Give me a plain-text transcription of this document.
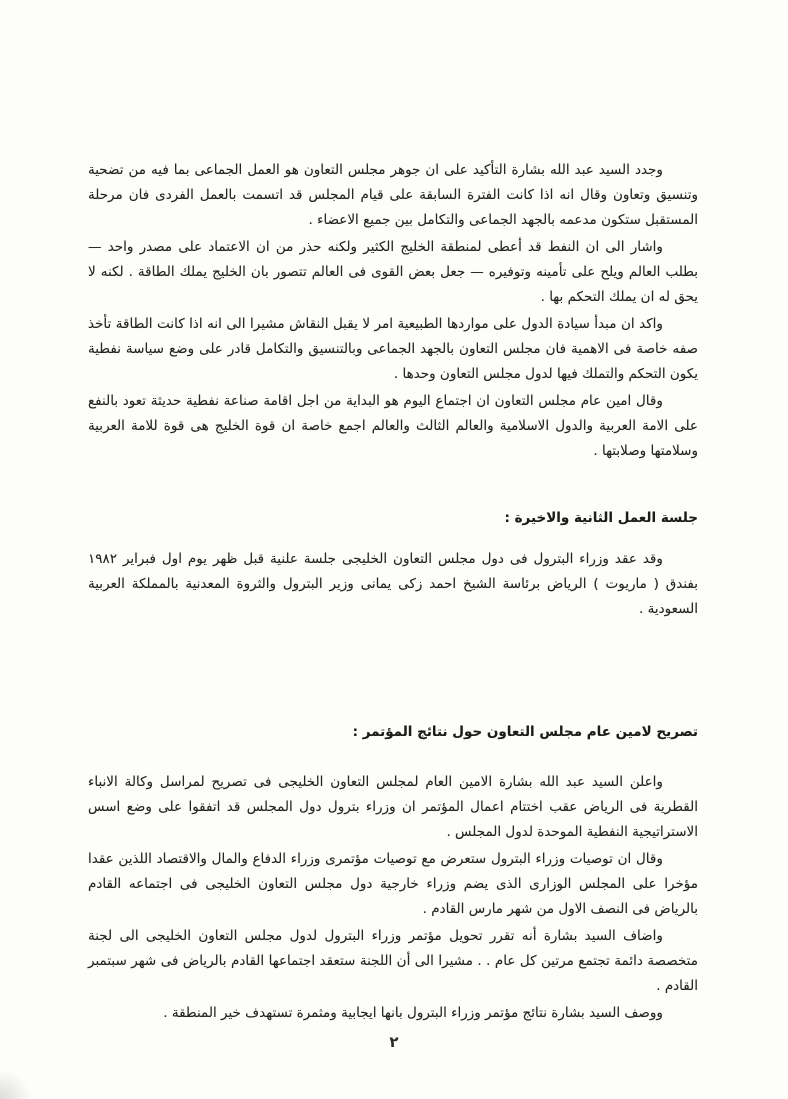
وجدد السيد عبد الله بشارة التأكيد على ان جوهر مجلس التعاون هو العمل الجماعى بما فيه من تضحية وتنسيق وتعاون وقال انه اذا كانت الفترة السابقة على قيام المجلس قد اتسمت بالعمل الفردى فان مرحلة المستقبل ستكون مدعمه بالجهد الجماعى والتكامل بين جميع الاعضاء .

واشار الى ان النفط قد أعطى لمنطقة الخليج الكثير ولكنه حذر من ان الاعتماد على مصدر واحد — بطلب العالم ويلح على تأمينه وتوفيره — جعل بعض القوى فى العالم تتصور بان الخليج يملك الطاقة . لكنه لا يحق له ان يملك التحكم بها .

واكد ان مبدأ سيادة الدول على مواردها الطبيعية امر لا يقبل النقاش مشيرا الى انه اذا كانت الطاقة تأخذ صفه خاصة فى الاهمية فان مجلس التعاون بالجهد الجماعى وبالتنسيق والتكامل قادر على وضع سياسة نفطية يكون التحكم والتملك فيها لدول مجلس التعاون وحدها .

وقال امين عام مجلس التعاون ان اجتماع اليوم هو البداية من اجل اقامة صناعة نفطية حديثة تعود بالنفع على الامة العربية والدول الاسلامية والعالم الثالث والعالم اجمع خاصة ان قوة الخليج هى قوة للامة العربية وسلامتها وصلابتها .

جلسة العمل الثانية والاخيرة :

وقد عقد وزراء البترول فى دول مجلس التعاون الخليجى جلسة علنية قبل ظهر يوم اول فبراير ١٩٨٢ بفندق ( ماريوت ) الرياض برئاسة الشيخ احمد زكى يمانى وزير البترول والثروة المعدنية بالمملكة العربية السعودية .

تصريح لامين عام مجلس التعاون حول نتائج المؤتمر :

واعلن السيد عبد الله بشارة الامين العام لمجلس التعاون الخليجى فى تصريح لمراسل وكالة الانباء القطرية فى الرياض عقب اختتام اعمال المؤتمر ان وزراء بترول دول المجلس قد اتفقوا على وضع اسس الاستراتيجية النفطية الموحدة لدول المجلس .

وقال ان توصيات وزراء البترول ستعرض مع توصيات مؤتمرى وزراء الدفاع والمال والاقتصاد اللذين عقدا مؤخرا على المجلس الوزارى الذى يضم وزراء خارجية دول مجلس التعاون الخليجى فى اجتماعه القادم بالرياض فى النصف الاول من شهر مارس القادم .

واضاف السيد بشارة أنه تقرر تحويل مؤتمر وزراء البترول لدول مجلس التعاون الخليجى الى لجنة متخصصة دائمة تجتمع مرتين كل عام . . مشيرا الى أن اللجنة ستعقد اجتماعها القادم بالرياض فى شهر سبتمبر القادم .

ووصف السيد بشارة نتائج مؤتمر وزراء البترول بانها ايجابية ومثمرة تستهدف خير المنطقة .

٢
